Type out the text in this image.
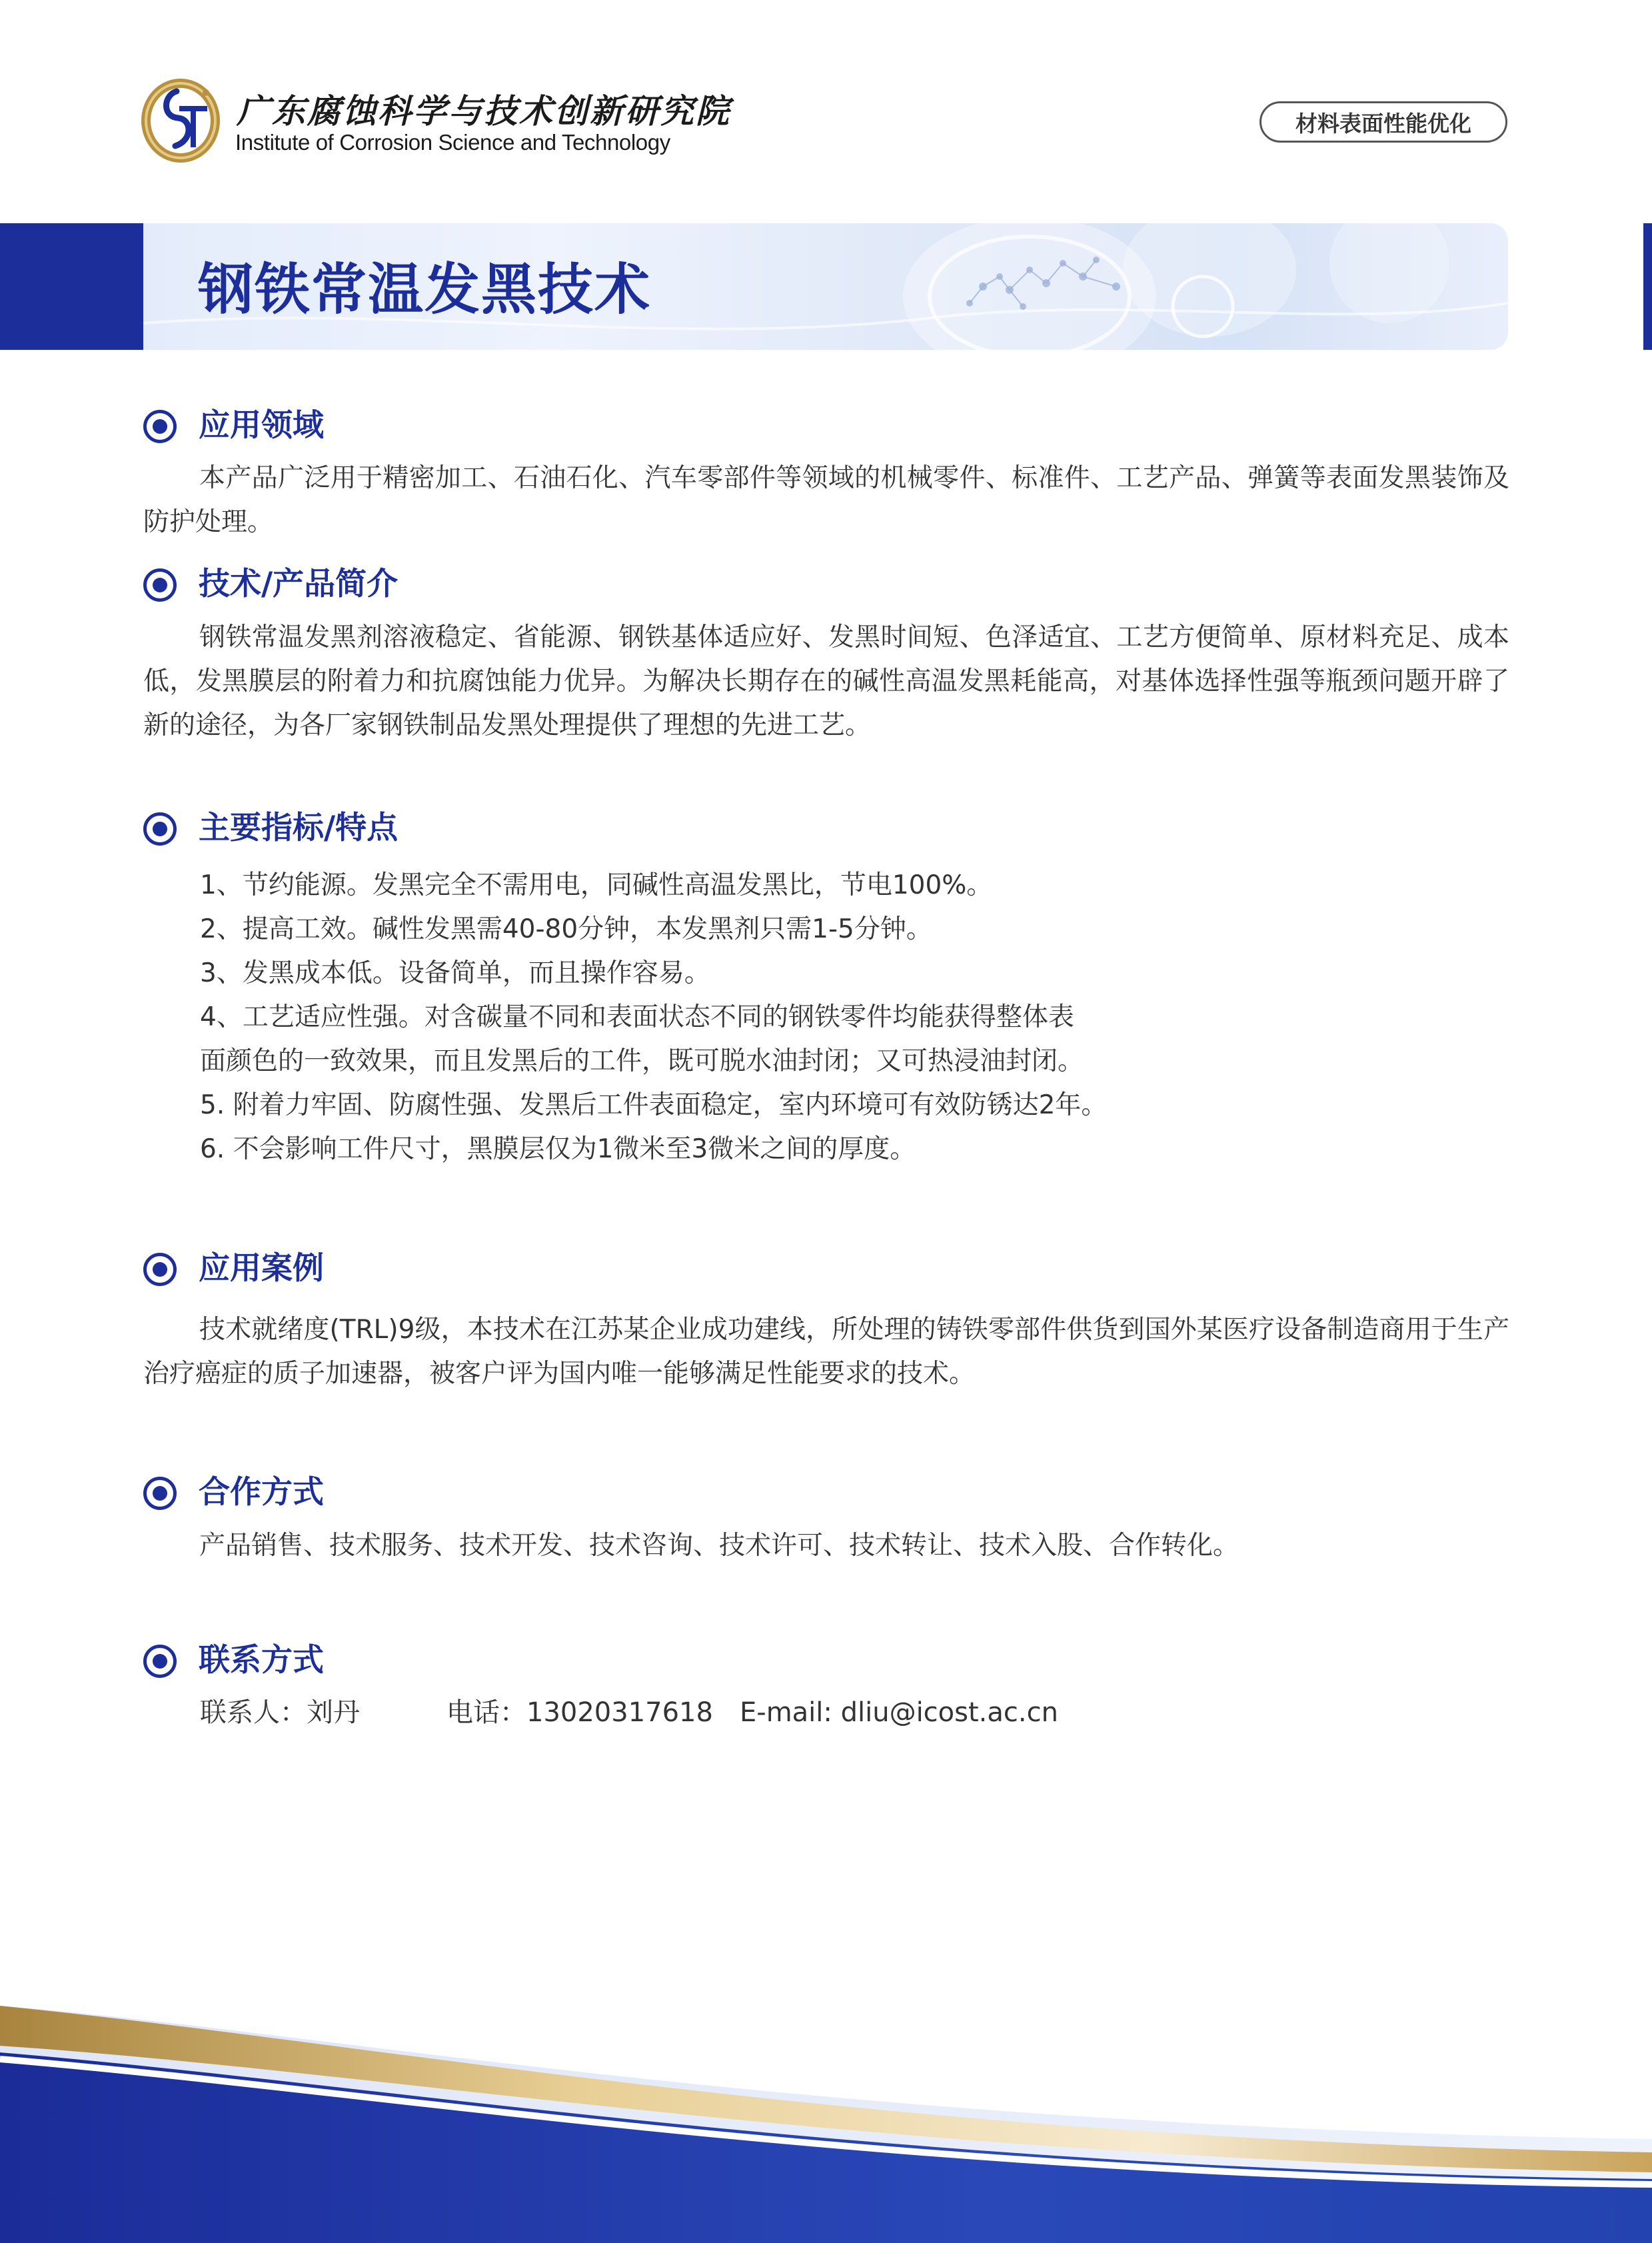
广东腐蚀科学与技术创新研究院
Institute of Corrosion Science and Technology
材料表面性能优化
钢铁常温发黑技术
应用领域

本产品广泛用于精密加工、石油石化、汽车零部件等领域的机械零件、标准件、工艺产品、弹簧等表面发黑装饰及防护处理。

技术/产品简介

钢铁常温发黑剂溶液稳定、省能源、钢铁基体适应好、发黑时间短、色泽适宜、工艺方便简单、原材料充足、成本低，发黑膜层的附着力和抗腐蚀能力优异。为解决长期存在的碱性高温发黑耗能高，对基体选择性强等瓶颈问题开辟了新的途径，为各厂家钢铁制品发黑处理提供了理想的先进工艺。

主要指标/特点
1、节约能源。发黑完全不需用电，同碱性高温发黑比，节电100%。
2、提高工效。碱性发黑需40-80分钟，本发黑剂只需1-5分钟。
3、发黑成本低。设备简单，而且操作容易。
4、工艺适应性强。对含碳量不同和表面状态不同的钢铁零件均能获得整体表
面颜色的一致效果，而且发黑后的工件，既可脱水油封闭；又可热浸油封闭。
5. 附着力牢固、防腐性强、发黑后工件表面稳定，室内环境可有效防锈达2年。
6. 不会影响工件尺寸，黑膜层仅为1微米至3微米之间的厚度。
应用案例

技术就绪度(TRL)9级，本技术在江苏某企业成功建线，所处理的铸铁零部件供货到国外某医疗设备制造商用于生产治疗癌症的质子加速器，被客户评为国内唯一能够满足性能要求的技术。

合作方式

产品销售、技术服务、技术开发、技术咨询、技术许可、技术转让、技术入股、合作转化。

联系方式
联系人：刘丹	电话：13020317618 E-mail: dliu@icost.ac.cn
